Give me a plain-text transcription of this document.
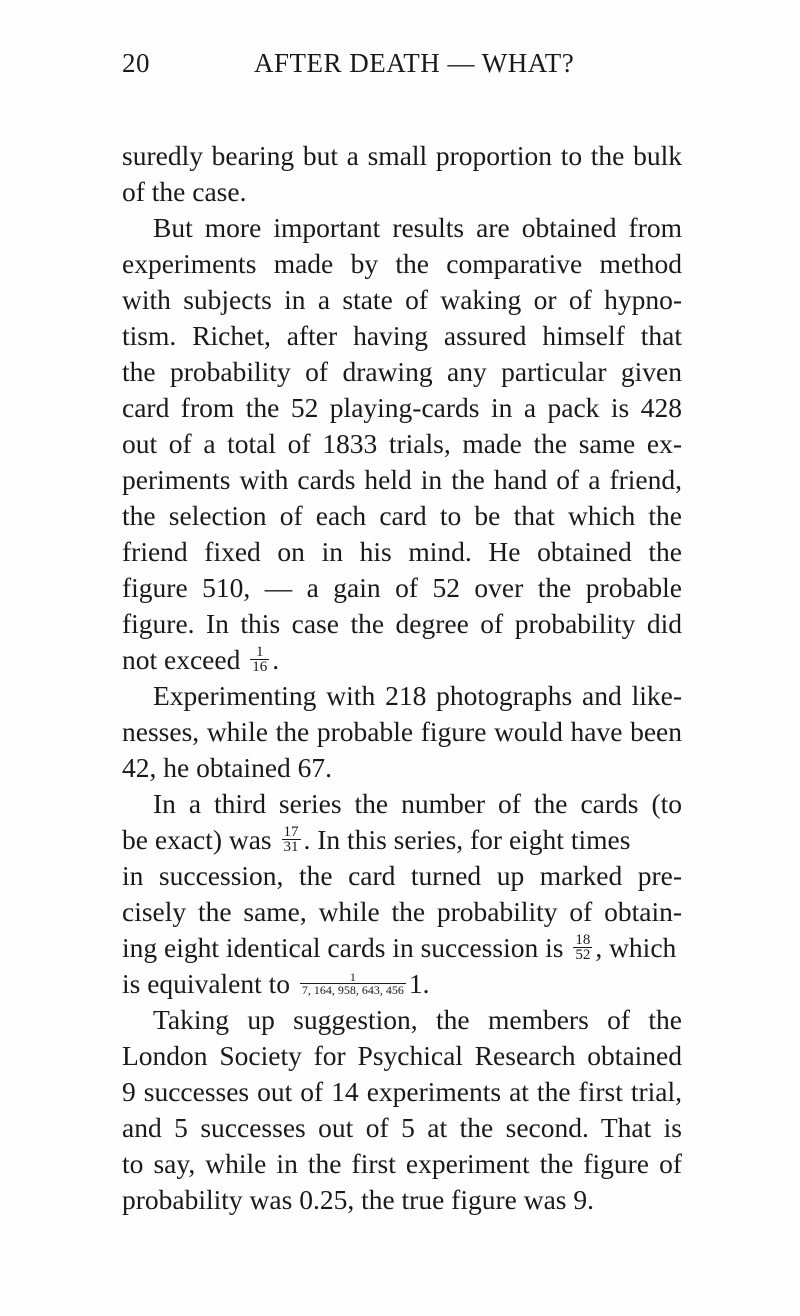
20	AFTER DEATH — WHAT?
suredly bearing but a small proportion to the bulk
of the case.
But more important results are obtained from
experiments made by the comparative method
with subjects in a state of waking or of hypno-
tism. Richet, after having assured himself that
the probability of drawing any particular given
card from the 52 playing-cards in a pack is 428
out of a total of 1833 trials, made the same ex-
periments with cards held in the hand of a friend,
the selection of each card to be that which the
friend fixed on in his mind. He obtained the
figure 510, — a gain of 52 over the probable
figure. In this case the degree of probability did
not exceed $\frac{1}{16}$ .
Experimenting with 218 photographs and like-
nesses, while the probable figure would have been
42, he obtained 67.
In a third series the number of the cards (to
be exact) was $\frac{17}{31}$ . In this series, for eight times
in succession, the card turned up marked pre-
cisely the same, while the probability of obtain-
ing eight identical cards in succession is $\frac{18}{52}$ , which
is equivalent to $\frac{1}{7, 164, 958, 643, 456} 1$.
Taking up suggestion, the members of the
London Society for Psychical Research obtained
9 successes out of 14 experiments at the first trial,
and 5 successes out of 5 at the second. That is
to say, while in the first experiment the figure of
probability was 0.25, the true figure was 9.
